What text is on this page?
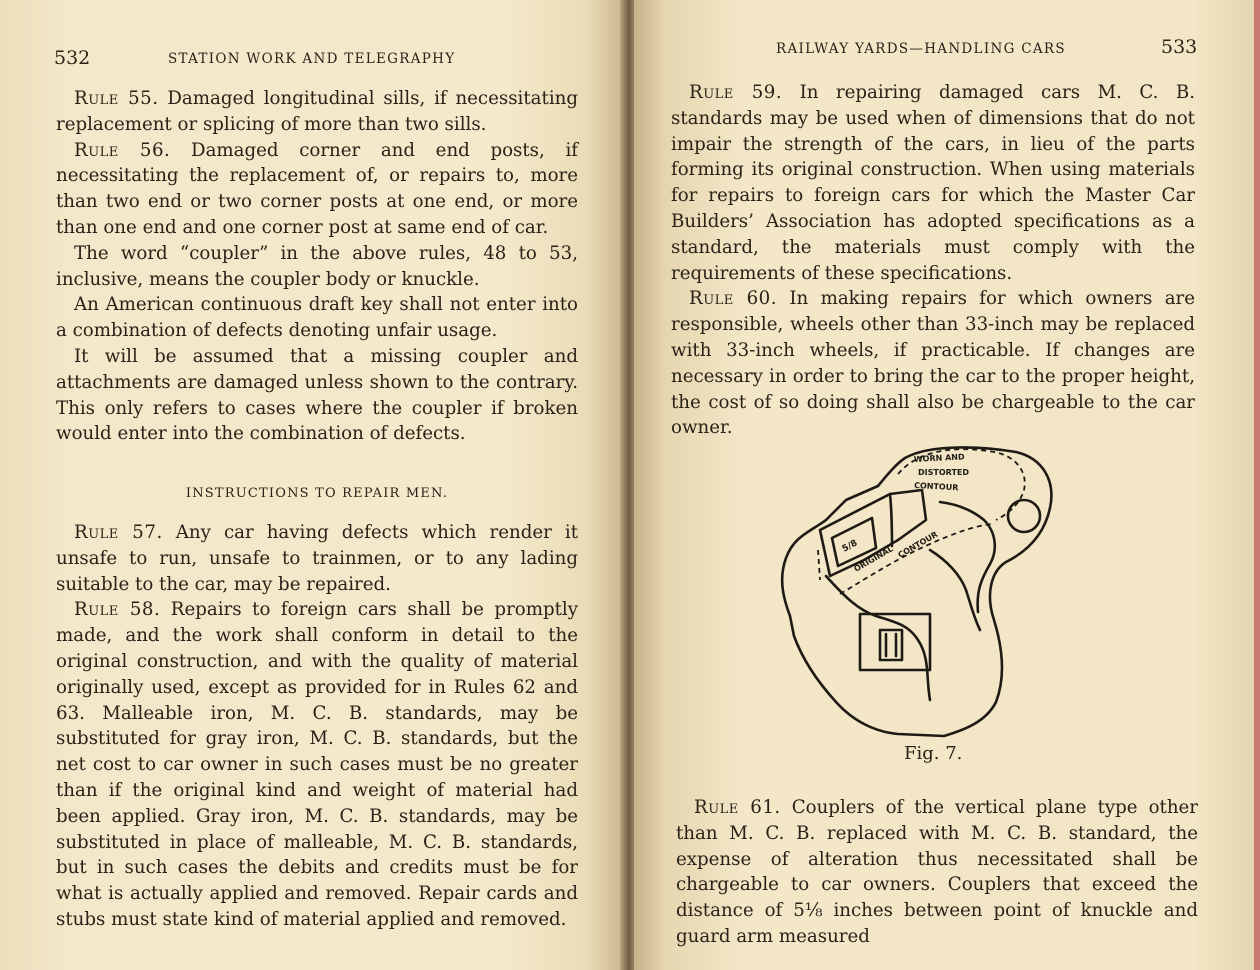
532	STATION WORK AND TELEGRAPHY

Rule 55. Damaged longitudinal sills, if necessitating replacement or splicing of more than two sills.

Rule 56. Damaged corner and end posts, if necessitating the replacement of, or repairs to, more than two end or two corner posts at one end, or more than one end and one corner post at same end of car.

The word “coupler” in the above rules, 48 to 53, inclusive, means the coupler body or knuckle.

An American continuous draft key shall not enter into a combination of defects denoting unfair usage.

It will be assumed that a missing coupler and attachments are damaged unless shown to the contrary. This only refers to cases where the coupler if broken would enter into the combination of defects.

INSTRUCTIONS TO REPAIR MEN.

Rule 57. Any car having defects which render it unsafe to run, unsafe to trainmen, or to any lading suitable to the car, may be repaired.

Rule 58. Repairs to foreign cars shall be promptly made, and the work shall conform in detail to the original construction, and with the quality of material originally used, except as provided for in Rules 62 and 63. Malleable iron, M. C. B. standards, may be substituted for gray iron, M. C. B. standards, but the net cost to car owner in such cases must be no greater than if the original kind and weight of material had been applied. Gray iron, M. C. B. standards, may be substituted in place of malleable, M. C. B. standards, but in such cases the debits and credits must be for what is actually applied and removed. Repair cards and stubs must state kind of material applied and removed.

RAILWAY YARDS—HANDLING CARS	533

Rule 59. In repairing damaged cars M. C. B. standards may be used when of dimensions that do not impair the strength of the cars, in lieu of the parts forming its original construction. When using materials for repairs to foreign cars for which the Master Car Builders’ Association has adopted specifications as a standard, the materials must comply with the requirements of these specifications.

Rule 60. In making repairs for which owners are responsible, wheels other than 33-inch may be replaced with 33-inch wheels, if practicable. If changes are necessary in order to bring the car to the proper height, the cost of so doing shall also be chargeable to the car owner.

WORN AND
DISTORTED
CONTOUR
ORIGINAL CONTOUR
5/8
Fig. 7.

Rule 61. Couplers of the vertical plane type other than M. C. B. replaced with M. C. B. standard, the expense of alteration thus necessitated shall be chargeable to car owners. Couplers that exceed the distance of 5⅛ inches between point of knuckle and guard arm measured
